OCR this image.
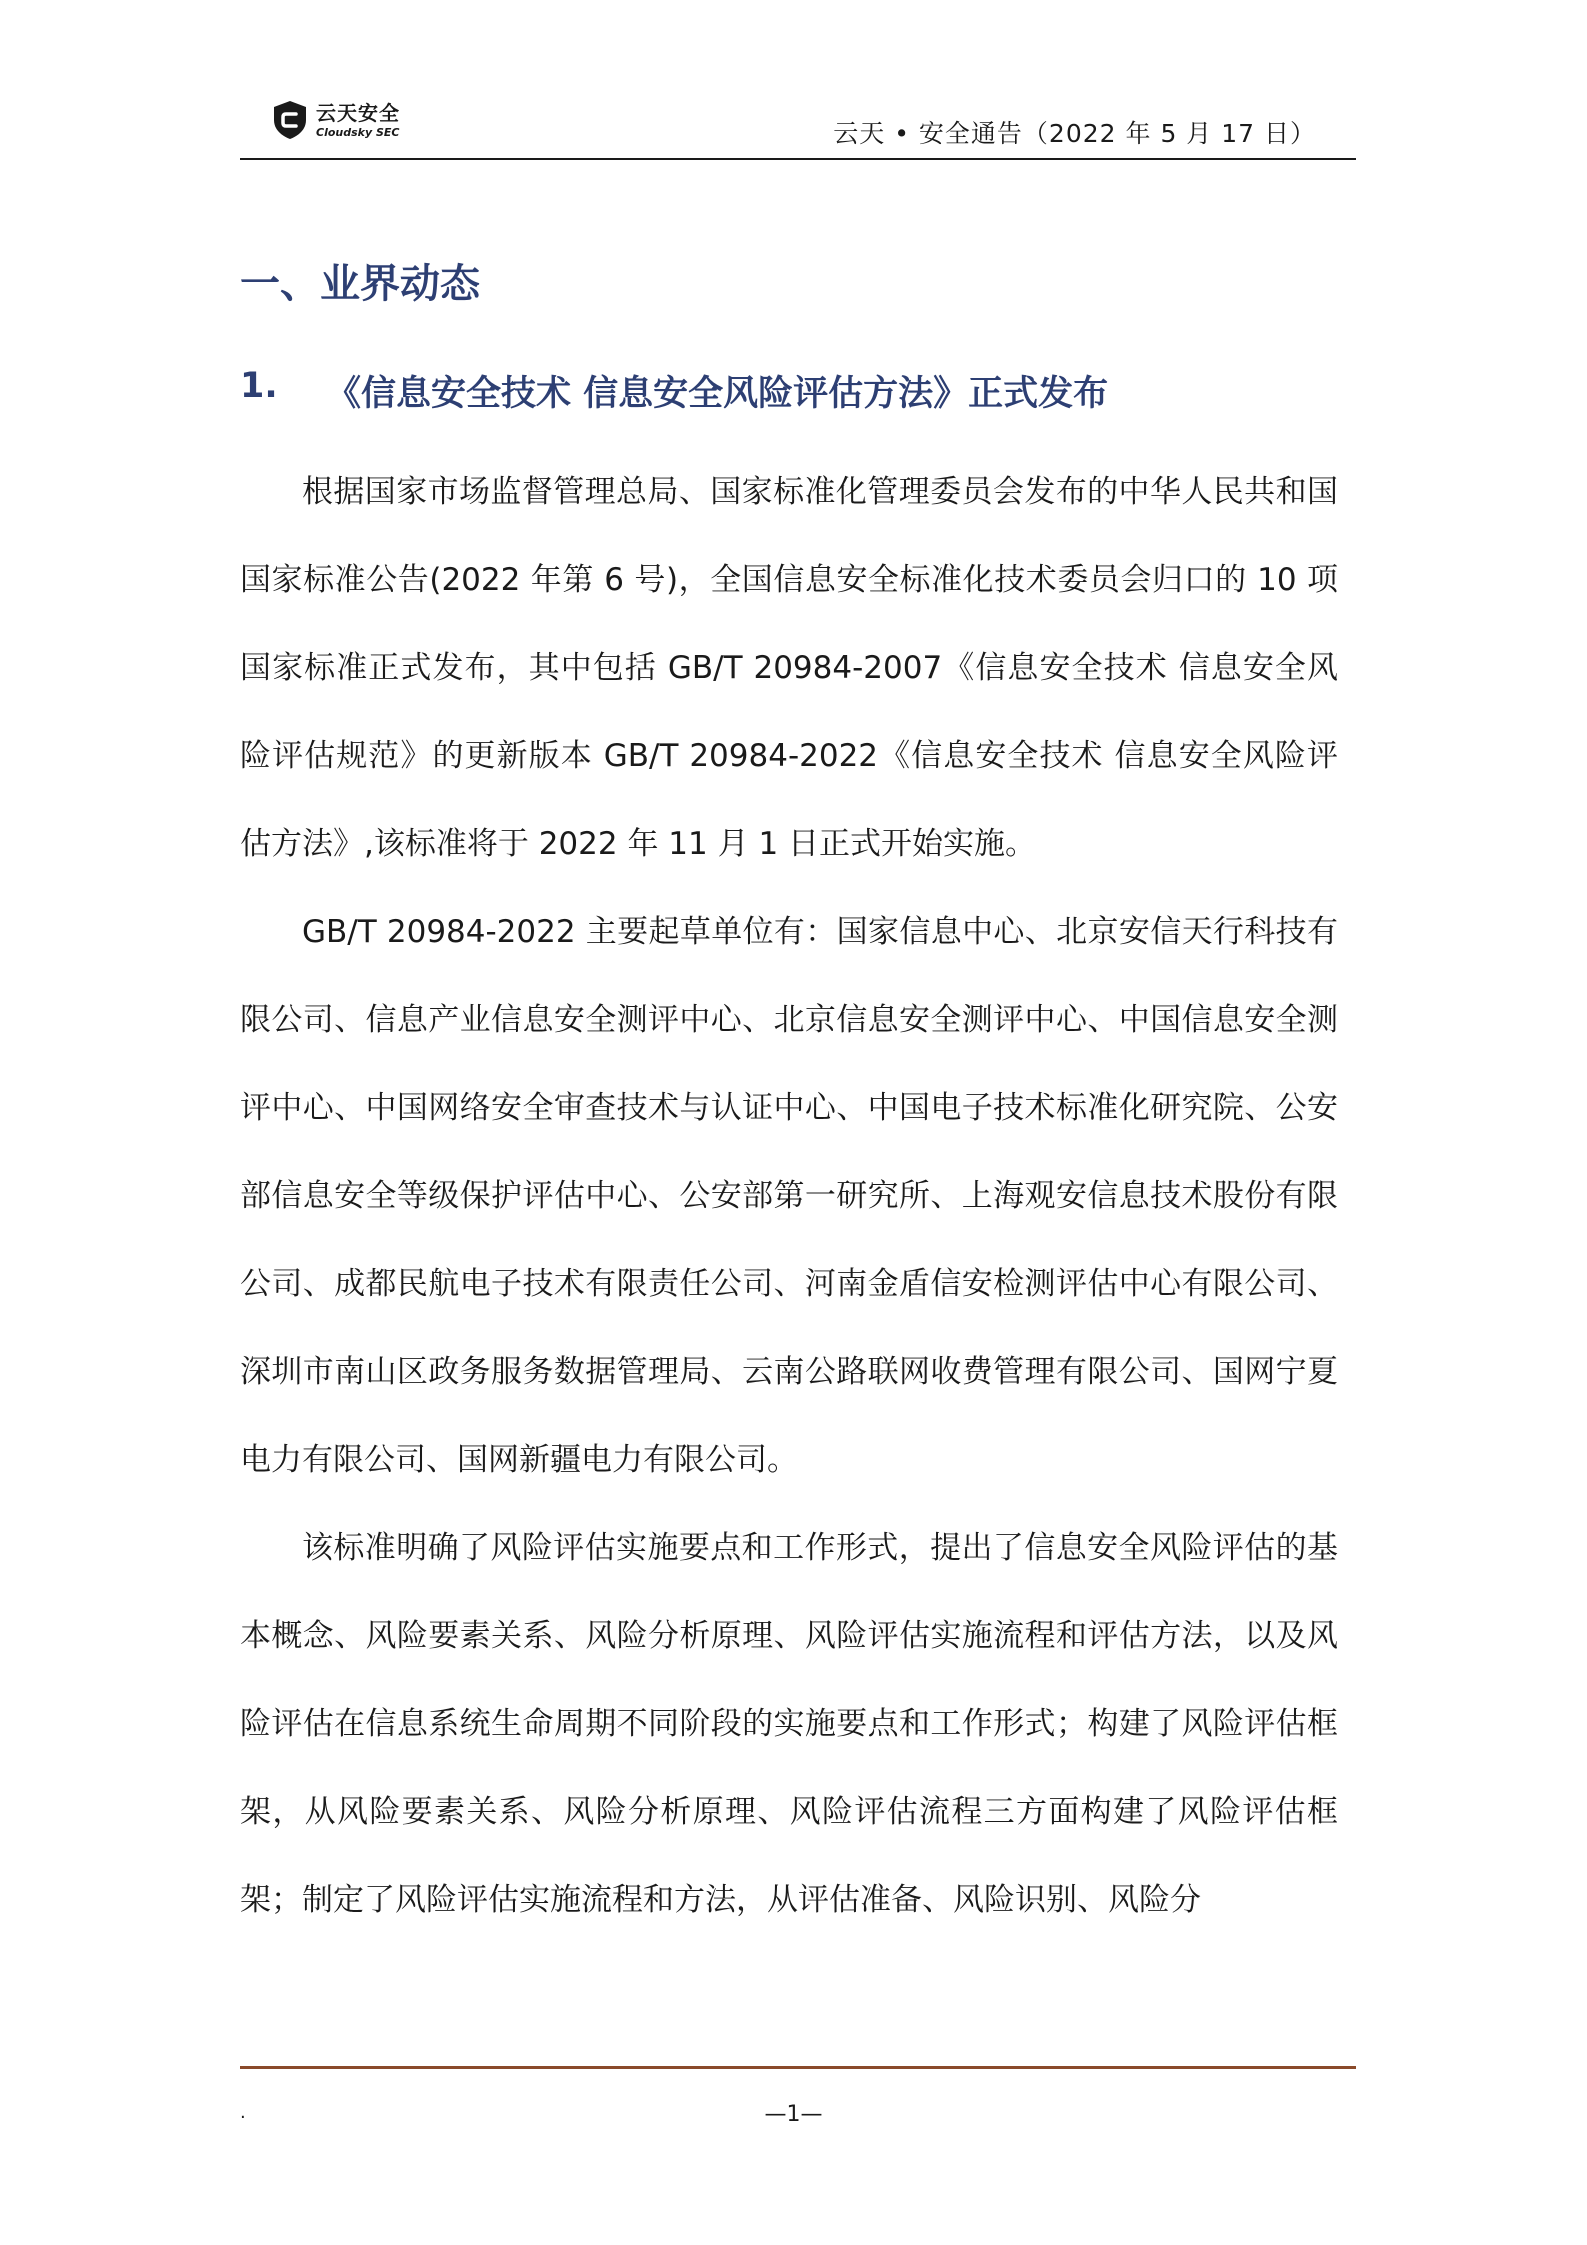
云天安全
Cloudsky SEC	云天 • 安全通告（2022 年 5 月 17 日）
一、业界动态
1.	《信息安全技术 信息安全风险评估方法》正式发布

根据国家市场监督管理总局、国家标准化管理委员会发布的中华人民共和国国家标准公告(2022 年第 6 号)，全国信息安全标准化技术委员会归口的 10 项国家标准正式发布，其中包括 GB/T 20984-2007《信息安全技术 信息安全风险评估规范》的更新版本 GB/T 20984-2022《信息安全技术 信息安全风险评估方法》,该标准将于 2022 年 11 月 1 日正式开始实施。

GB/T 20984-2022 主要起草单位有：国家信息中心、北京安信天行科技有限公司、信息产业信息安全测评中心、北京信息安全测评中心、中国信息安全测评中心、中国网络安全审查技术与认证中心、中国电子技术标准化研究院、公安部信息安全等级保护评估中心、公安部第一研究所、上海观安信息技术股份有限公司、成都民航电子技术有限责任公司、河南金盾信安检测评估中心有限公司、深圳市南山区政务服务数据管理局、云南公路联网收费管理有限公司、国网宁夏电力有限公司、国网新疆电力有限公司。

该标准明确了风险评估实施要点和工作形式，提出了信息安全风险评估的基本概念、风险要素关系、风险分析原理、风险评估实施流程和评估方法，以及风险评估在信息系统生命周期不同阶段的实施要点和工作形式；构建了风险评估框架，从风险要素关系、风险分析原理、风险评估流程三方面构建了风险评估框架；制定了风险评估实施流程和方法，从评估准备、风险识别、风险分

.	—1—
